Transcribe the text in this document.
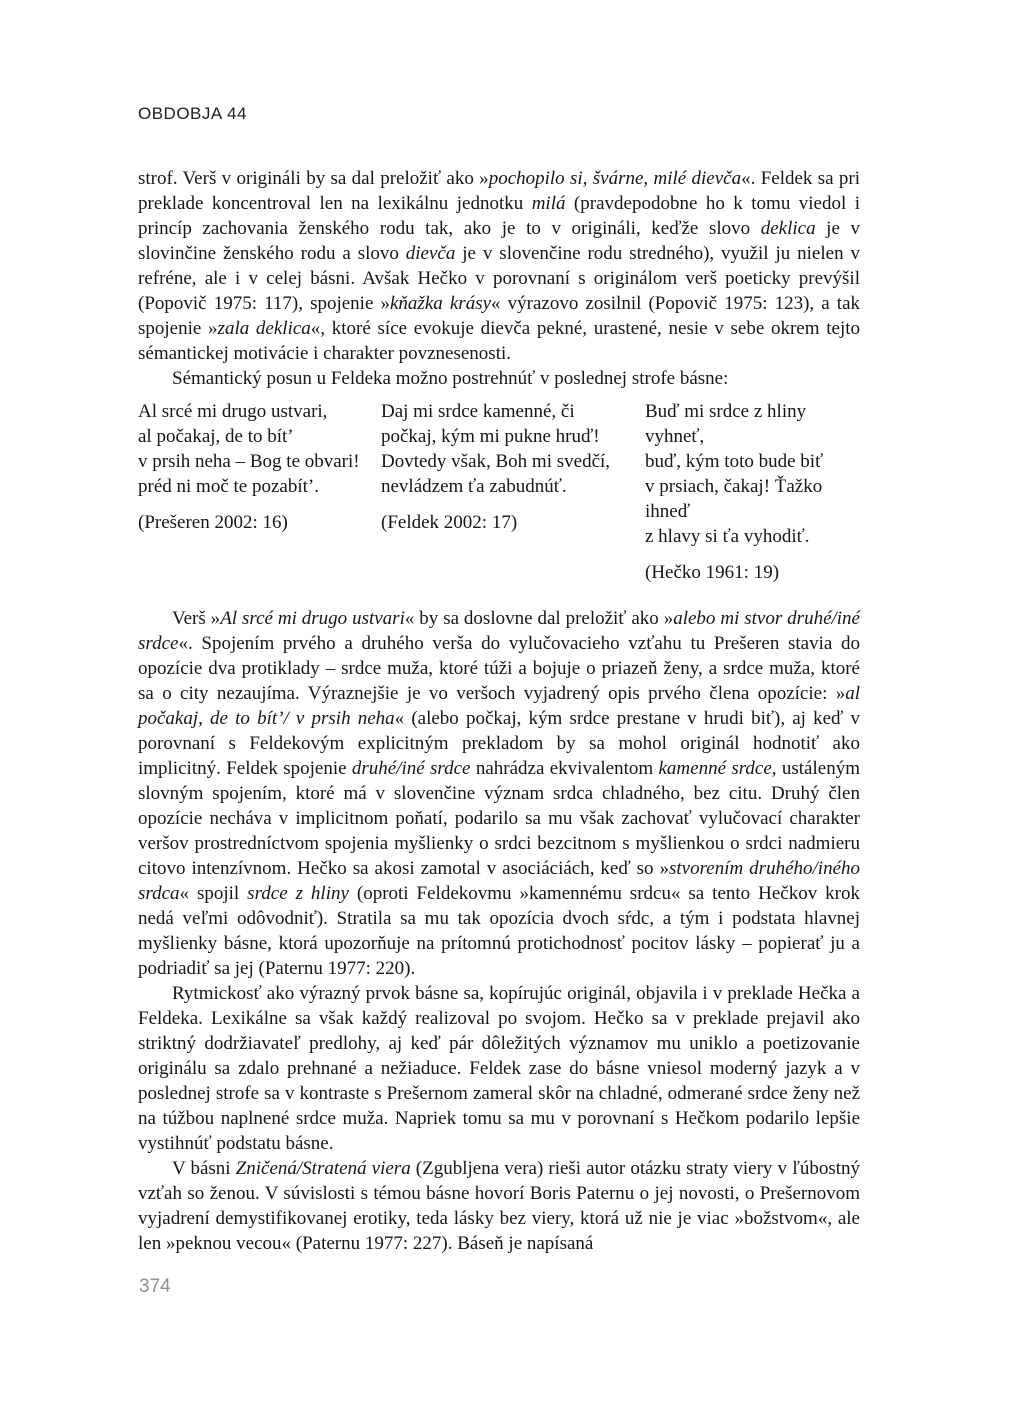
OBDOBJA 44

strof. Verš v origináli by sa dal preložiť ako »pochopilo si, švárne, milé dievča«. Feldek sa pri preklade koncentroval len na lexikálnu jednotku milá (pravdepodobne ho k tomu viedol i princíp zachovania ženského rodu tak, ako je to v origináli, keďže slovo deklica je v slovinčine ženského rodu a slovo dievča je v slovenčine rodu stredného), využil ju nielen v refréne, ale i v celej básni. Avšak Hečko v porovnaní s originálom verš poeticky prevýšil (Popovič 1975: 117), spojenie »kňažka krásy« výrazovo zosilnil (Popovič 1975: 123), a tak spojenie »zala deklica«, ktoré síce evokuje dievča pekné, urastené, nesie v sebe okrem tejto sémantickej motivácie i charakter povznesenosti.

Sémantický posun u Feldeka možno postrehnúť v poslednej strofe básne:

Al srcé mi drugo ustvari,
al počakaj, de to bít’
v prsih neha – Bog te obvari!
préd ni moč te pozabít’.
(Prešeren 2002: 16)
Daj mi srdce kamenné, či
počkaj, kým mi pukne hruď!
Dovtedy však, Boh mi svedčí,
nevládzem ťa zabudnúť.
(Feldek 2002: 17)
Buď mi srdce z hliny vyhneť,
buď, kým toto bude biť
v prsiach, čakaj! Ťažko ihneď
z hlavy si ťa vyhodiť.
(Hečko 1961: 19)

Verš »Al srcé mi drugo ustvari« by sa doslovne dal preložiť ako »alebo mi stvor druhé/iné srdce«. Spojením prvého a druhého verša do vylučovacieho vzťahu tu Prešeren stavia do opozície dva protiklady – srdce muža, ktoré túži a bojuje o priazeň ženy, a srdce muža, ktoré sa o city nezaujíma. Výraznejšie je vo veršoch vyjadrený opis prvého člena opozície: »al počakaj, de to bít’/ v prsih neha« (alebo počkaj, kým srdce prestane v hrudi biť), aj keď v porovnaní s Feldekovým explicitným prekladom by sa mohol originál hodnotiť ako implicitný. Feldek spojenie druhé/iné srdce nahrádza ekvivalentom kamenné srdce, ustáleným slovným spojením, ktoré má v slovenčine význam srdca chladného, bez citu. Druhý člen opozície necháva v implicitnom poňatí, podarilo sa mu však zachovať vylučovací charakter veršov prostredníctvom spojenia myšlienky o srdci bezcitnom s myšlienkou o srdci nadmieru citovo intenzívnom. Hečko sa akosi zamotal v asociáciách, keď so »stvorením druhého/iného srdca« spojil srdce z hliny (oproti Feldekovmu »kamennému srdcu« sa tento Hečkov krok nedá veľmi odôvodniť). Stratila sa mu tak opozícia dvoch sŕdc, a tým i podstata hlavnej myšlienky básne, ktorá upozorňuje na prítomnú protichodnosť pocitov lásky – popierať ju a podriadiť sa jej (Paternu 1977: 220).

Rytmickosť ako výrazný prvok básne sa, kopírujúc originál, objavila i v preklade Hečka a Feldeka. Lexikálne sa však každý realizoval po svojom. Hečko sa v preklade prejavil ako striktný dodržiavateľ predlohy, aj keď pár dôležitých významov mu uniklo a poetizovanie originálu sa zdalo prehnané a nežiaduce. Feldek zase do básne vniesol moderný jazyk a v poslednej strofe sa v kontraste s Prešernom zameral skôr na chladné, odmerané srdce ženy než na túžbou naplnené srdce muža. Napriek tomu sa mu v porovnaní s Hečkom podarilo lepšie vystihnúť podstatu básne.

V básni Zničená/Stratená viera (Zgubljena vera) rieši autor otázku straty viery v ľúbostný vzťah so ženou. V súvislosti s témou básne hovorí Boris Paternu o jej novosti, o Prešernovom vyjadrení demystifikovanej erotiky, teda lásky bez viery, ktorá už nie je viac »božstvom«, ale len »peknou vecou« (Paternu 1977: 227). Báseň je napísaná

374
